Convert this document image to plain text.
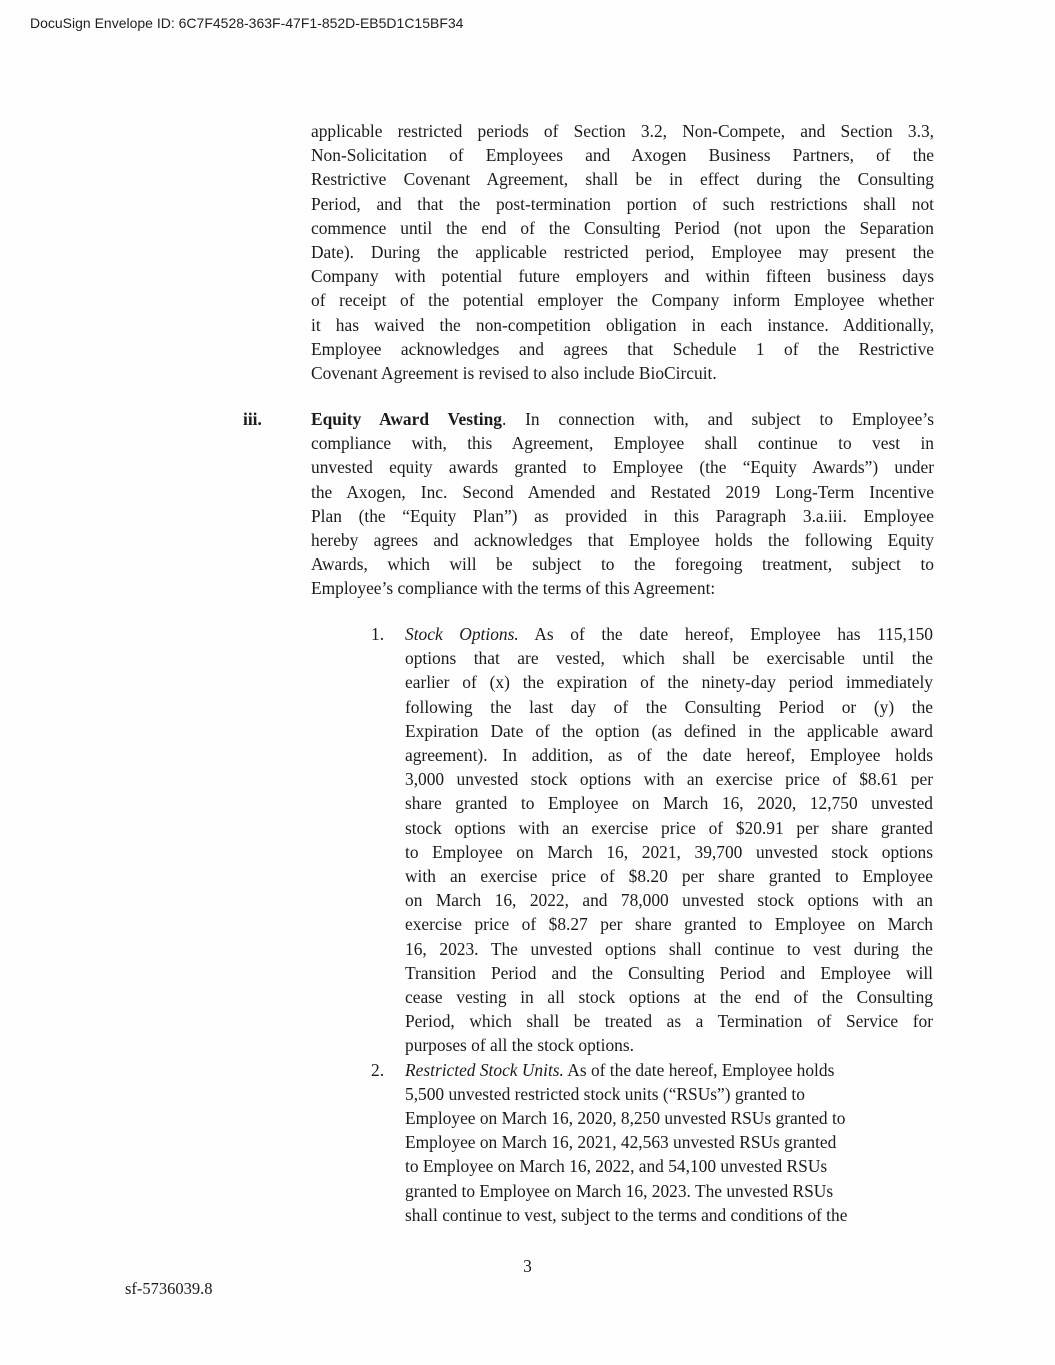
DocuSign Envelope ID: 6C7F4528-363F-47F1-852D-EB5D1C15BF34
applicable restricted periods of Section 3.2, Non-Compete, and Section 3.3,
Non-Solicitation of Employees and Axogen Business Partners, of the
Restrictive Covenant Agreement, shall be in effect during the Consulting
Period, and that the post-termination portion of such restrictions shall not
commence until the end of the Consulting Period (not upon the Separation
Date). During the applicable restricted period, Employee may present the
Company with potential future employers and within fifteen business days
of receipt of the potential employer the Company inform Employee whether
it has waived the non-competition obligation in each instance. Additionally,
Employee acknowledges and agrees that Schedule 1 of the Restrictive
Covenant Agreement is revised to also include BioCircuit.
iii.	Equity Award Vesting. In connection with, and subject to Employee’s
compliance with, this Agreement, Employee shall continue to vest in
unvested equity awards granted to Employee (the “Equity Awards”) under
the Axogen, Inc. Second Amended and Restated 2019 Long-Term Incentive
Plan (the “Equity Plan”) as provided in this Paragraph 3.a.iii. Employee
hereby agrees and acknowledges that Employee holds the following Equity
Awards, which will be subject to the foregoing treatment, subject to
Employee’s compliance with the terms of this Agreement:
1. Stock Options. As of the date hereof, Employee has 115,150
options that are vested, which shall be exercisable until the
earlier of (x) the expiration of the ninety-day period immediately
following the last day of the Consulting Period or (y) the
Expiration Date of the option (as defined in the applicable award
agreement). In addition, as of the date hereof, Employee holds
3,000 unvested stock options with an exercise price of $8.61 per
share granted to Employee on March 16, 2020, 12,750 unvested
stock options with an exercise price of $20.91 per share granted
to Employee on March 16, 2021, 39,700 unvested stock options
with an exercise price of $8.20 per share granted to Employee
on March 16, 2022, and 78,000 unvested stock options with an
exercise price of $8.27 per share granted to Employee on March
16, 2023. The unvested options shall continue to vest during the
Transition Period and the Consulting Period and Employee will
cease vesting in all stock options at the end of the Consulting
Period, which shall be treated as a Termination of Service for
purposes of all the stock options.
2. Restricted Stock Units. As of the date hereof, Employee holds
5,500 unvested restricted stock units (“RSUs”) granted to
Employee on March 16, 2020, 8,250 unvested RSUs granted to
Employee on March 16, 2021, 42,563 unvested RSUs granted
to Employee on March 16, 2022, and 54,100 unvested RSUs
granted to Employee on March 16, 2023. The unvested RSUs
shall continue to vest, subject to the terms and conditions of the
3
sf-5736039.8
